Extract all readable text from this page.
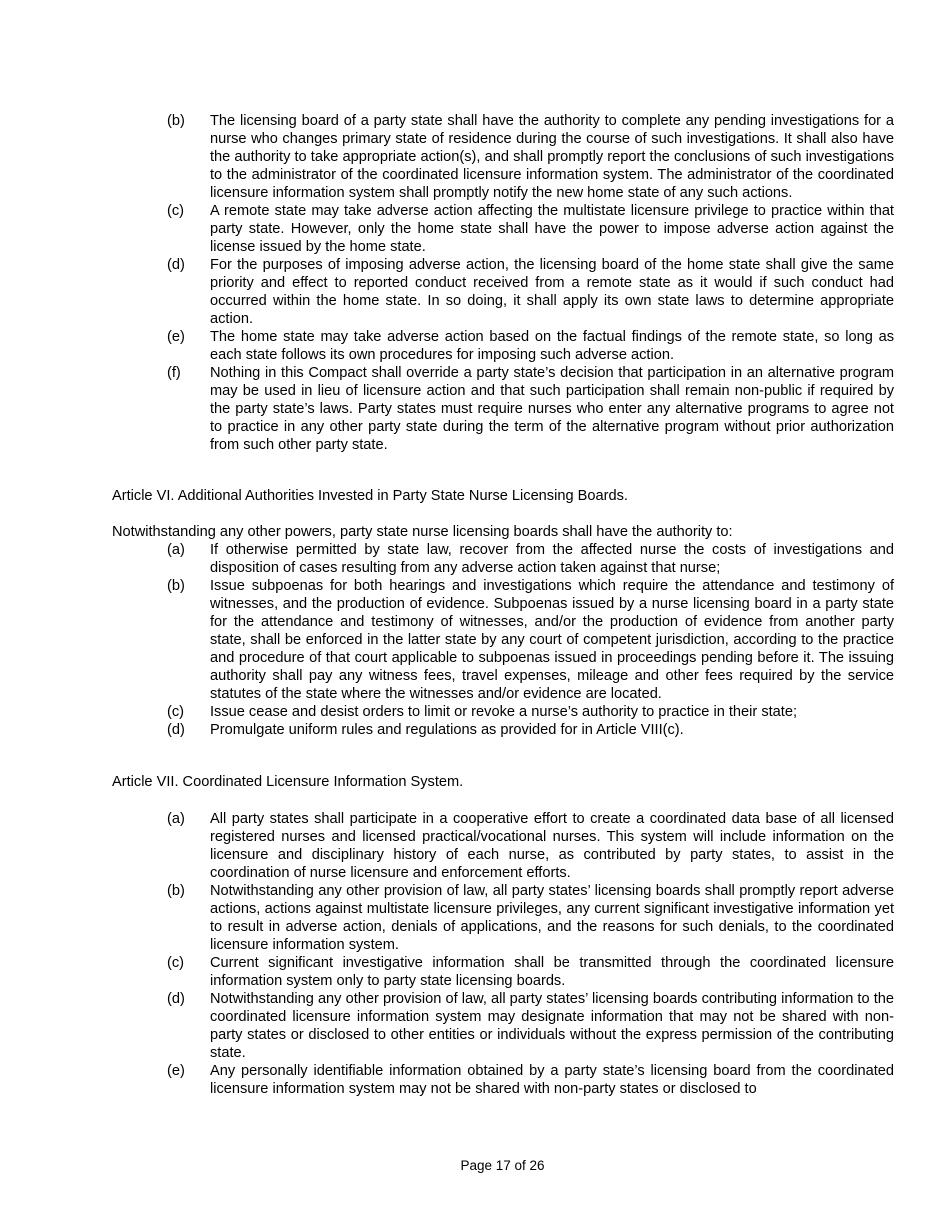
(b)	The licensing board of a party state shall have the authority to complete any pending investigations for a nurse who changes primary state of residence during the course of such investigations. It shall also have the authority to take appropriate action(s), and shall promptly report the conclusions of such investigations to the administrator of the coordinated licensure information system. The administrator of the coordinated licensure information system shall promptly notify the new home state of any such actions.
(c)	A remote state may take adverse action affecting the multistate licensure privilege to practice within that party state. However, only the home state shall have the power to impose adverse action against the license issued by the home state.
(d)	For the purposes of imposing adverse action, the licensing board of the home state shall give the same priority and effect to reported conduct received from a remote state as it would if such conduct had occurred within the home state. In so doing, it shall apply its own state laws to determine appropriate action.
(e)	The home state may take adverse action based on the factual findings of the remote state, so long as each state follows its own procedures for imposing such adverse action.
(f)	Nothing in this Compact shall override a party state’s decision that participation in an alternative program may be used in lieu of licensure action and that such participation shall remain non-public if required by the party state’s laws. Party states must require nurses who enter any alternative programs to agree not to practice in any other party state during the term of the alternative program without prior authorization from such other party state.
Article VI. Additional Authorities Invested in Party State Nurse Licensing Boards.
Notwithstanding any other powers, party state nurse licensing boards shall have the authority to:
(a)	If otherwise permitted by state law, recover from the affected nurse the costs of investigations and disposition of cases resulting from any adverse action taken against that nurse;
(b)	Issue subpoenas for both hearings and investigations which require the attendance and testimony of witnesses, and the production of evidence. Subpoenas issued by a nurse licensing board in a party state for the attendance and testimony of witnesses, and/or the production of evidence from another party state, shall be enforced in the latter state by any court of competent jurisdiction, according to the practice and procedure of that court applicable to subpoenas issued in proceedings pending before it. The issuing authority shall pay any witness fees, travel expenses, mileage and other fees required by the service statutes of the state where the witnesses and/or evidence are located.
(c)	Issue cease and desist orders to limit or revoke a nurse’s authority to practice in their state;
(d)	Promulgate uniform rules and regulations as provided for in Article VIII(c).
Article VII. Coordinated Licensure Information System.
(a)	All party states shall participate in a cooperative effort to create a coordinated data base of all licensed registered nurses and licensed practical/vocational nurses. This system will include information on the licensure and disciplinary history of each nurse, as contributed by party states, to assist in the coordination of nurse licensure and enforcement efforts.
(b)	Notwithstanding any other provision of law, all party states’ licensing boards shall promptly report adverse actions, actions against multistate licensure privileges, any current significant investigative information yet to result in adverse action, denials of applications, and the reasons for such denials, to the coordinated licensure information system.
(c)	Current significant investigative information shall be transmitted through the coordinated licensure information system only to party state licensing boards.
(d)	Notwithstanding any other provision of law, all party states’ licensing boards contributing information to the coordinated licensure information system may designate information that may not be shared with non-party states or disclosed to other entities or individuals without the express permission of the contributing state.
(e)	Any personally identifiable information obtained by a party state’s licensing board from the coordinated licensure information system may not be shared with non-party states or disclosed to
Page 17 of 26
